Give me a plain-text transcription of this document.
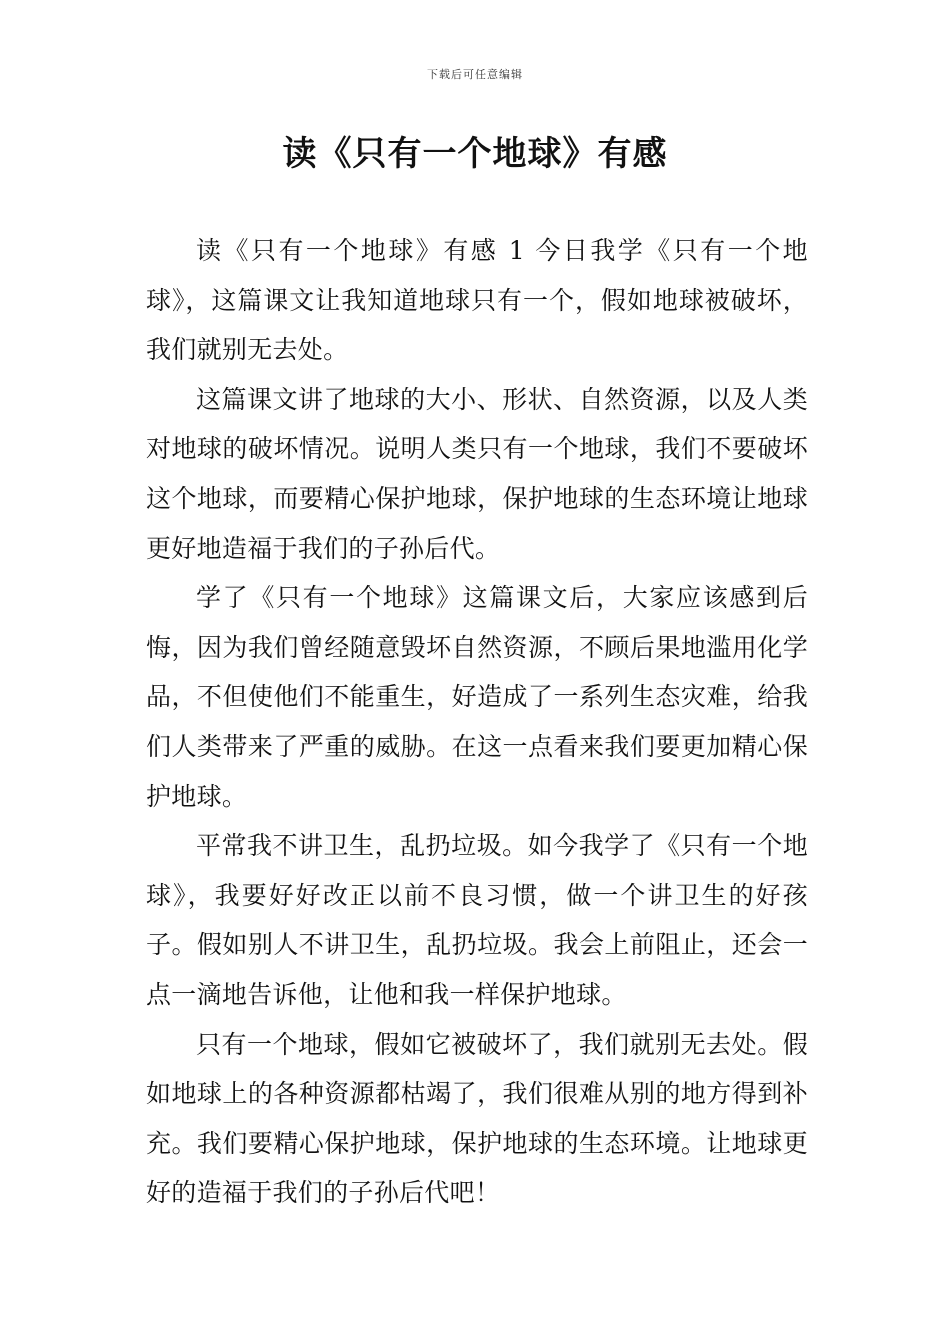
下载后可任意编辑
读《只有一个地球》有感

读《只有一个地球》有感 1 今日我学《只有一个地球》，这篇课文让我知道地球只有一个，假如地球被破坏，我们就别无去处。

这篇课文讲了地球的大小、形状、自然资源，以及人类对地球的破坏情况。说明人类只有一个地球，我们不要破坏这个地球，而要精心保护地球，保护地球的生态环境让地球更好地造福于我们的子孙后代。

学了《只有一个地球》这篇课文后，大家应该感到后悔，因为我们曾经随意毁坏自然资源，不顾后果地滥用化学品，不但使他们不能重生，好造成了一系列生态灾难，给我们人类带来了严重的威胁。在这一点看来我们要更加精心保护地球。

平常我不讲卫生，乱扔垃圾。如今我学了《只有一个地球》，我要好好改正以前不良习惯，做一个讲卫生的好孩子。假如别人不讲卫生，乱扔垃圾。我会上前阻止，还会一点一滴地告诉他，让他和我一样保护地球。

只有一个地球，假如它被破坏了，我们就别无去处。假如地球上的各种资源都枯竭了，我们很难从别的地方得到补充。我们要精心保护地球，保护地球的生态环境。让地球更好的造福于我们的子孙后代吧！
